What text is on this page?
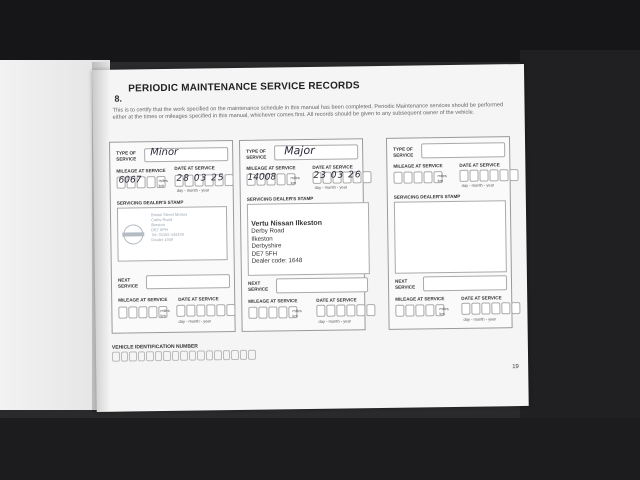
8.
PERIODIC MAINTENANCE SERVICE RECORDS
This is to certify that the work specified on the maintenance schedule in this manual has been completed. Periodic Maintenance services should be performed either at the times or mileages specified in this manual, whichever comes first. All records should be given to any subsequent owner of the vehicle.
TYPE OF SERVICE
Minor
MILEAGE AT SERVICE DATE AT SERVICE
6067	miles km
28 03 25
day - month - year
SERVICING DEALER'S STAMP
Bristol Street Motors
Carlis Road
Ilkeston
DE7 8PH
Tel: 01159 444499
Dealer 1949
NEXT SERVICE
MILEAGE AT SERVICE DATE AT SERVICE
miles km
day - month - year
TYPE OF SERVICE	Major
MILEAGE AT SERVICE	DATE AT SERVICE
14008	miles km
23 03 26
day - month - year
SERVICING DEALER'S STAMP
Vertu Nissan Ilkeston
Derby Road
Ilkeston
Derbyshire
DE7 5FH
Dealer code: 1648
NEXT SERVICE
MILEAGE AT SERVICE	DATE AT SERVICE
miles km
day - month - year
TYPE OF SERVICE
MILEAGE AT SERVICE	DATE AT SERVICE
miles km
day - month - year
SERVICING DEALER'S STAMP
NEXT SERVICE
MILEAGE AT SERVICE	DATE AT SERVICE
miles km
day - month - year
VEHICLE IDENTIFICATION NUMBER
19
